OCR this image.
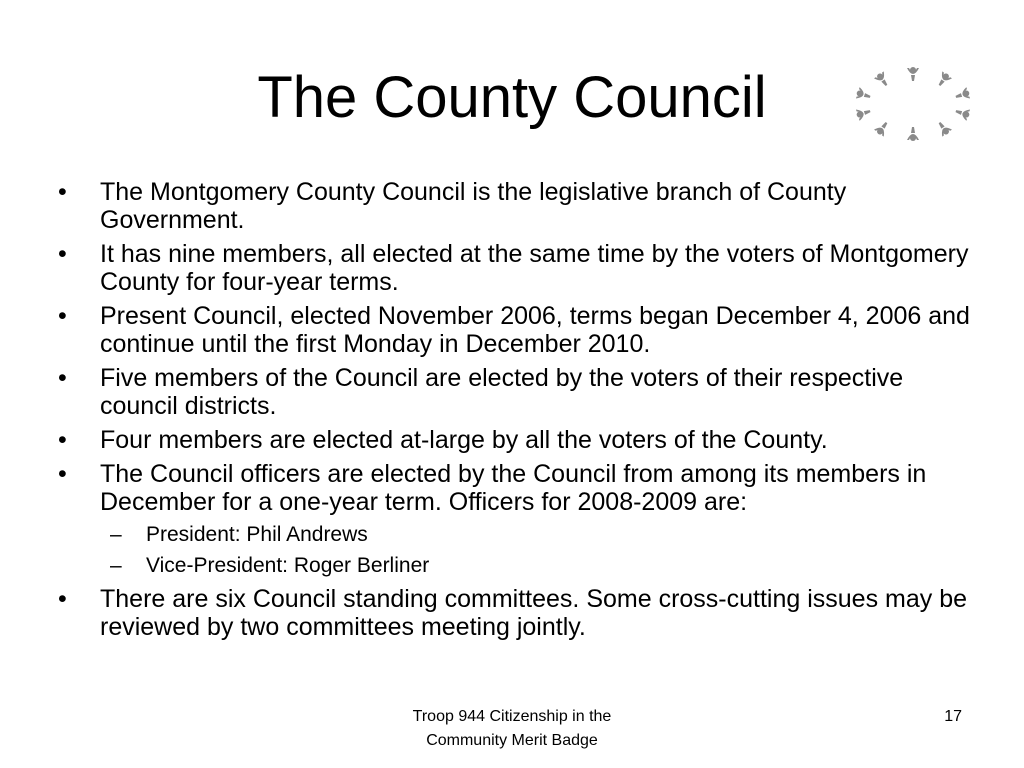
The County Council
• The Montgomery County Council is the legislative branch of County Government.
• It has nine members, all elected at the same time by the voters of Montgomery County for four-year terms.
• Present Council, elected November 2006, terms began December 4, 2006 and continue until the first Monday in December 2010.
• Five members of the Council are elected by the voters of their respective council districts.
• Four members are elected at-large by all the voters of the County.
• The Council officers are elected by the Council from among its members in December for a one-year term. Officers for 2008-2009 are:
– President: Phil Andrews
– Vice-President: Roger Berliner
• There are six Council standing committees. Some cross-cutting issues may be reviewed by two committees meeting jointly.
Troop 944 Citizenship in the
Community Merit Badge
17
